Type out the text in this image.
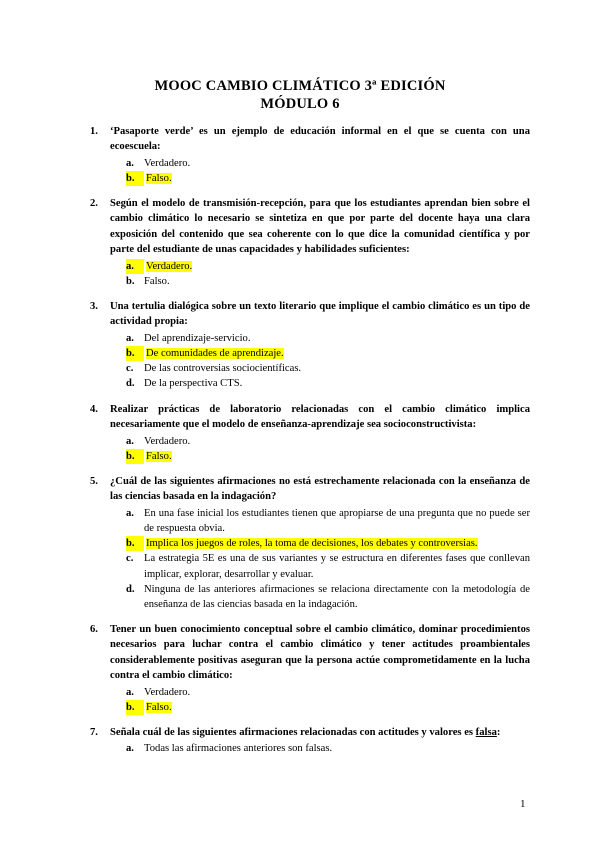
MOOC CAMBIO CLIMÁTICO 3ª EDICIÓN
MÓDULO 6
1.	‘Pasaporte verde’ es un ejemplo de educación informal en el que se cuenta con una ecoescuela:
a. Verdadero.
b.	Falso.
2.	Según el modelo de transmisión-recepción, para que los estudiantes aprendan bien sobre el cambio climático lo necesario se sintetiza en que por parte del docente haya una clara exposición del contenido que sea coherente con lo que dice la comunidad científica y por parte del estudiante de unas capacidades y habilidades suficientes:
a.	Verdadero.
b. Falso.
3.	Una tertulia dialógica sobre un texto literario que implique el cambio climático es un tipo de actividad propia:
a. Del aprendizaje-servicio.
b.	De comunidades de aprendizaje.
c.	De las controversias sociocientíficas.
d. De la perspectiva CTS.
4.	Realizar prácticas de laboratorio relacionadas con el cambio climático implica necesariamente que el modelo de enseñanza-aprendizaje sea socioconstructivista:
a. Verdadero.
b.	Falso.
5.	¿Cuál de las siguientes afirmaciones no está estrechamente relacionada con la enseñanza de las ciencias basada en la indagación?
a. En una fase inicial los estudiantes tienen que apropiarse de una pregunta que no puede ser de respuesta obvia.
b.	Implica los juegos de roles, la toma de decisiones, los debates y controversias.
c.	La estrategia 5E es una de sus variantes y se estructura en diferentes fases que conllevan implicar, explorar, desarrollar y evaluar.
d. Ninguna de las anteriores afirmaciones se relaciona directamente con la metodología de enseñanza de las ciencias basada en la indagación.
6.	Tener un buen conocimiento conceptual sobre el cambio climático, dominar procedimientos necesarios para luchar contra el cambio climático y tener actitudes proambientales considerablemente positivas aseguran que la persona actúe comprometidamente en la lucha contra el cambio climático:
a. Verdadero.
b.	Falso.
7.	Señala cuál de las siguientes afirmaciones relacionadas con actitudes y valores es falsa:
a. Todas las afirmaciones anteriores son falsas.
1
